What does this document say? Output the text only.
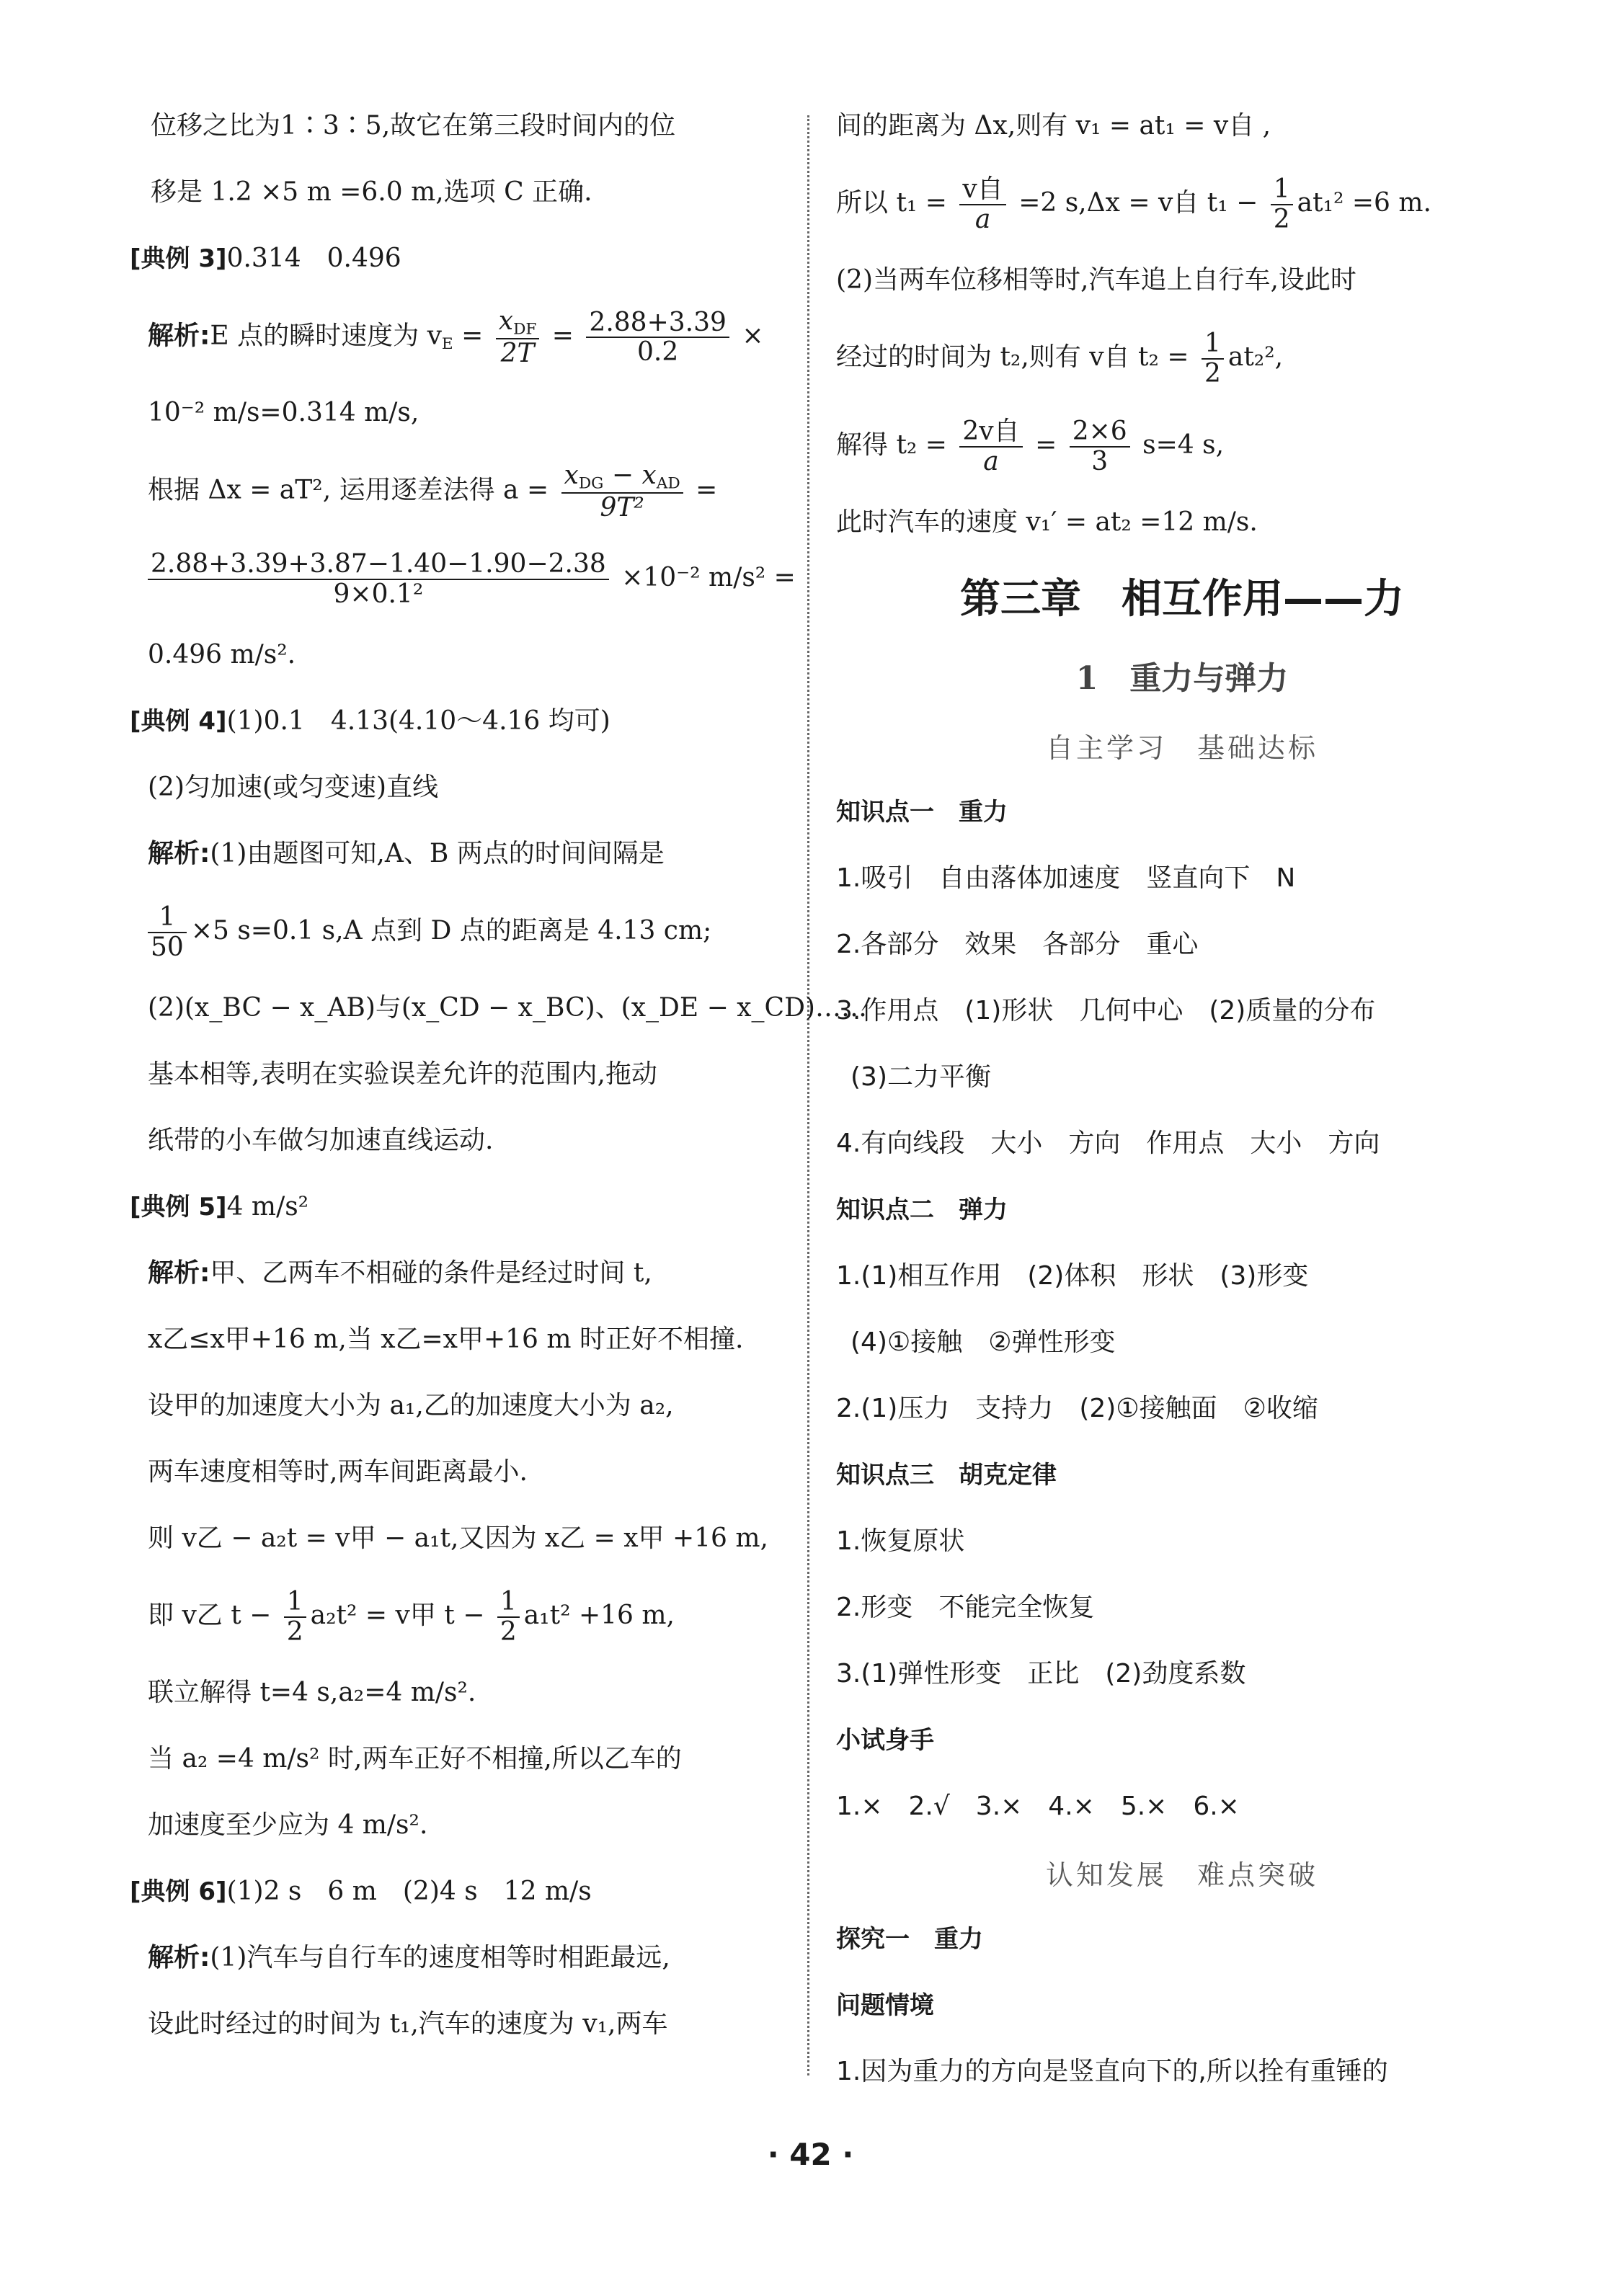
位移之比为1∶3∶5,故它在第三段时间内的位
移是 1.2 ×5 m =6.0 m,选项 C 正确.
[典例 3]0.314　0.496
解析:E 点的瞬时速度为 $v_E = \frac{x_{DF}}{2T} = \frac{2.88+3.39}{0.2}$ ×
10⁻² m/s=0.314 m/s,
根据 Δx = aT², 运用逐差法得 $a = \frac{x_{DG} - x_{AD}}{\text{9T²}}$ =
$\frac{2.88+3.39+3.87-1.40-1.90-2.38}{\text{9×0.1²}} \times 10^{-2}$ m/s² =
0.496 m/s².
[典例 4](1)0.1　4.13(4.10～4.16 均可)
(2)匀加速(或匀变速)直线
解析:(1)由题图可知,A、B 两点的时间间隔是
$\frac{1}{50} \times 5$ s=0.1 s,A 点到 D 点的距离是 4.13 cm;
(2)(x_BC − x_AB)与(x_CD − x_BC)、(x_DE − x_CD)……
基本相等,表明在实验误差允许的范围内,拖动
纸带的小车做匀加速直线运动.
[典例 5]4 m/s²
解析:甲、乙两车不相碰的条件是经过时间 t,
x乙≤x甲+16 m,当 x乙=x甲+16 m 时正好不相撞.
设甲的加速度大小为 a₁,乙的加速度大小为 a₂,
两车速度相等时,两车间距离最小.
则 v乙 − a₂t = v甲 − a₁t,又因为 x乙 = x甲 +16 m,
即 v乙 $t - \frac{1}{2} a_2t^2 = v$甲 $t - \frac{1}{2} a_1t^2 +16$ m,
联立解得 t=4 s,a₂=4 m/s².
当 a₂ =4 m/s² 时,两车正好不相撞,所以乙车的
加速度至少应为 4 m/s².
[典例 6](1)2 s　6 m　(2)4 s　12 m/s
解析:(1)汽车与自行车的速度相等时相距最远,
设此时经过的时间为 t₁,汽车的速度为 v₁,两车
间的距离为 Δx,则有 v₁ = at₁ = v自 ,
所以 $t_1 = \frac{\text{v自}}{a} =2$ s,Δx = v自 $t_1 - \frac{1}{2} at_1^2 =6$ m.
(2)当两车位移相等时,汽车追上自行车,设此时
经过的时间为 t₂,则有 v自 $t_2 = \frac{1}{2} at_2^2$,
解得 $t_2 = \frac{\text{2v自}}{a} = \frac{2\times 6}{3} s=4$ s,
此时汽车的速度 v₁′ = at₂ =12 m/s.
第三章　相互作用——力
1　重力与弹力
自主学习　基础达标
知识点一　重力
1.吸引　自由落体加速度　竖直向下　N
2.各部分　效果　各部分　重心
3.作用点　(1)形状　几何中心　(2)质量的分布
(3)二力平衡
4.有向线段　大小　方向　作用点　大小　方向
知识点二　弹力
1.(1)相互作用　(2)体积　形状　(3)形变
(4)①接触　②弹性形变
2.(1)压力　支持力　(2)①接触面　②收缩
知识点三　胡克定律
1.恢复原状
2.形变　不能完全恢复
3.(1)弹性形变　正比　(2)劲度系数
小试身手
1.×　2.√　3.×　4.×　5.×　6.×
认知发展　难点突破
探究一　重力
问题情境
1.因为重力的方向是竖直向下的,所以拴有重锤的
· 42 ·
